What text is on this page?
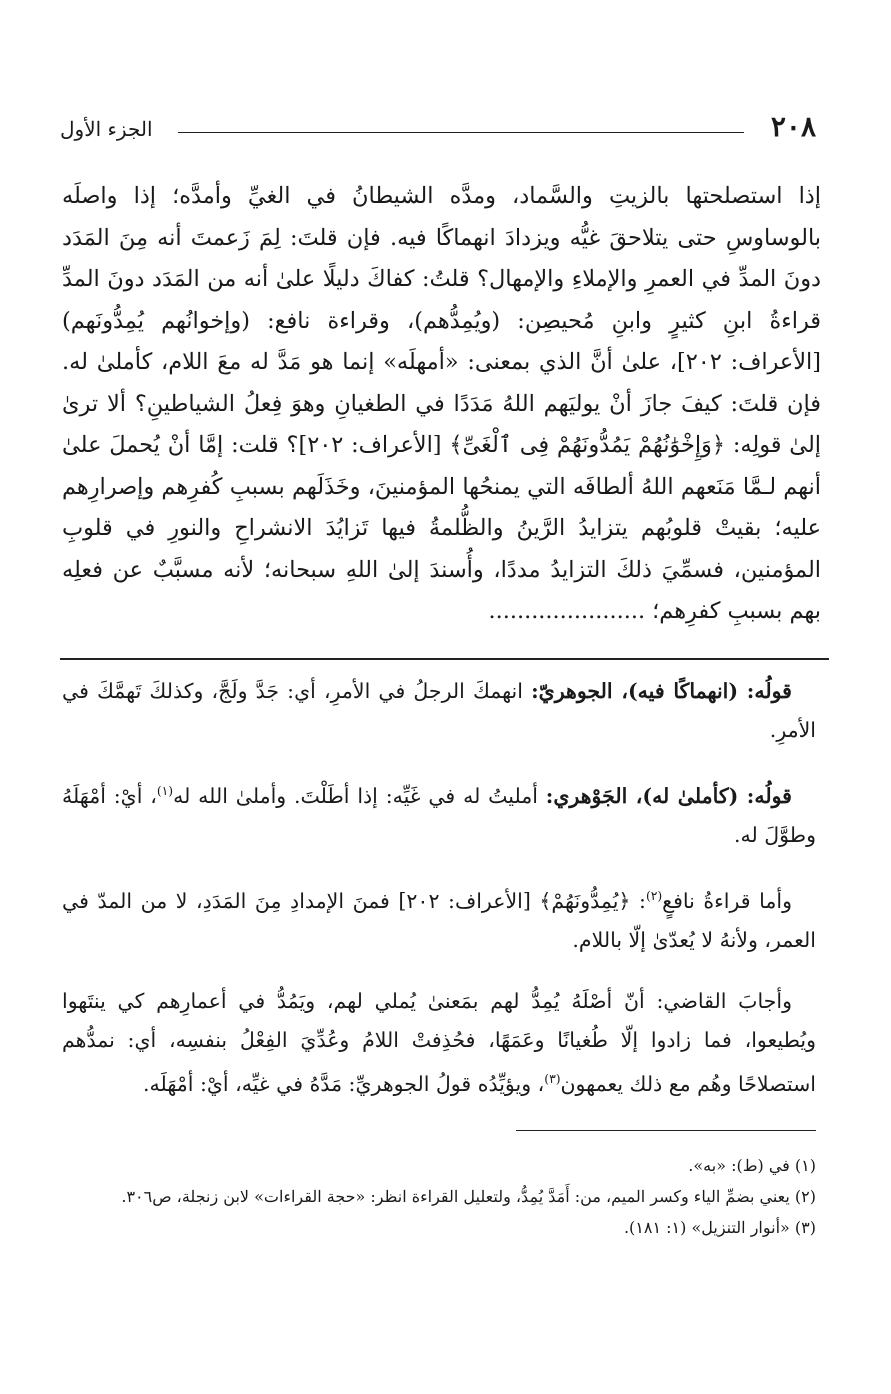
٢٠٨
الجزء الأول

إذا استصلحتها بالزيتِ والسَّماد، ومدَّه الشيطانُ في الغيِّ وأمدَّه؛ إذا واصلَه بالوساوسِ حتى يتلاحقَ غيُّه ويزدادَ انهماكًا فيه. فإن قلتَ: لِمَ زَعمتَ أنه مِنَ المَدَد دونَ المدِّ في العمرِ والإملاءِ والإمهال؟ قلتُ: كفاكَ دليلًا علىٰ أنه من المَدَد دونَ المدِّ قراءةُ ابنِ كثيرٍ وابنِ مُحيصِن: (ويُمِدُّهم)، وقراءة نافع: (وإخوانُهم يُمِدُّونَهم) [الأعراف: ٢٠٢]، علىٰ أنَّ الذي بمعنى: «أمهلَه» إنما هو مَدَّ له معَ اللام، كأملىٰ له. فإن قلتَ: كيفَ جازَ أنْ يوليَهم اللهُ مَدَدًا في الطغيانِ وهوَ فِعلُ الشياطينِ؟ ألا ترىٰ إلىٰ قولِه: ﴿وَإِخْوَٰنُهُمْ يَمُدُّونَهُمْ فِى ٱلْغَىِّ﴾ [الأعراف: ٢٠٢]؟ قلت: إمَّا أنْ يُحملَ علىٰ أنهم لـمَّا مَنَعهم اللهُ ألطافَه التي يمنحُها المؤمنينَ، وخَذَلَهم بسببِ كُفرِهم وإصرارِهم عليه؛ بقيتْ قلوبُهم يتزايدُ الرَّينُ والظُّلمةُ فيها تَزايُدَ الانشراحِ والنورِ في قلوبِ المؤمنين، فسمِّيَ ذلكَ التزايدُ مددًا، وأُسندَ إلىٰ اللهِ سبحانه؛ لأنه مسبَّبٌ عن فعلِه بهم بسببِ كفرِهم؛ ......................

قولُه: (انهماكًا فيه)، الجوهريّ: انهمكَ الرجلُ في الأمرِ، أي: جَدَّ ولَجَّ، وكذلكَ تَهمَّكَ في الأمرِ.

قولُه: (كأملىٰ له)، الجَوْهري: أمليتُ له في غَيِّه: إذا أطَلْتَ. وأملىٰ الله له$^{(١)}$، أيْ: أمْهَلَهُ وطوَّلَ له.

وأما قراءةُ نافعٍ$^{(٢)}$: ﴿يُمِدُّونَهُمْ﴾ [الأعراف: ٢٠٢] فمنَ الإمدادِ مِنَ المَدَدِ، لا من المدّ في العمر، ولأنهُ لا يُعدّىٰ إلّا باللام.

وأجابَ القاضي: أنّ أصْلَهُ يُمِدُّ لهم بمَعنىٰ يُملي لهم، ويَمُدُّ في أعمارِهم كي ينتَهوا ويُطيعوا، فما زادوا إلّا طُغيانًا وعَمَهًا، فحُذِفتْ اللامُ وعُدِّيَ الفِعْلُ بنفسِه، أي: نمدُّهم استصلاحًا وهُم مع ذلك يعمهون$^{(٣)}$، ويؤيِّدُه قولُ الجوهريِّ: مَدَّهُ في غيِّه، أيْ: أمْهَلَه.

(١) في (ط): «به».

(٢) يعني بضمِّ الياء وكسر الميم، من: أَمَدَّ يُمِدُّ، ولتعليل القراءة انظر: «حجة القراءات» لابن زنجلة، ص٣٠٦.

(٣) «أنوار التنزيل» (١: ١٨١).
